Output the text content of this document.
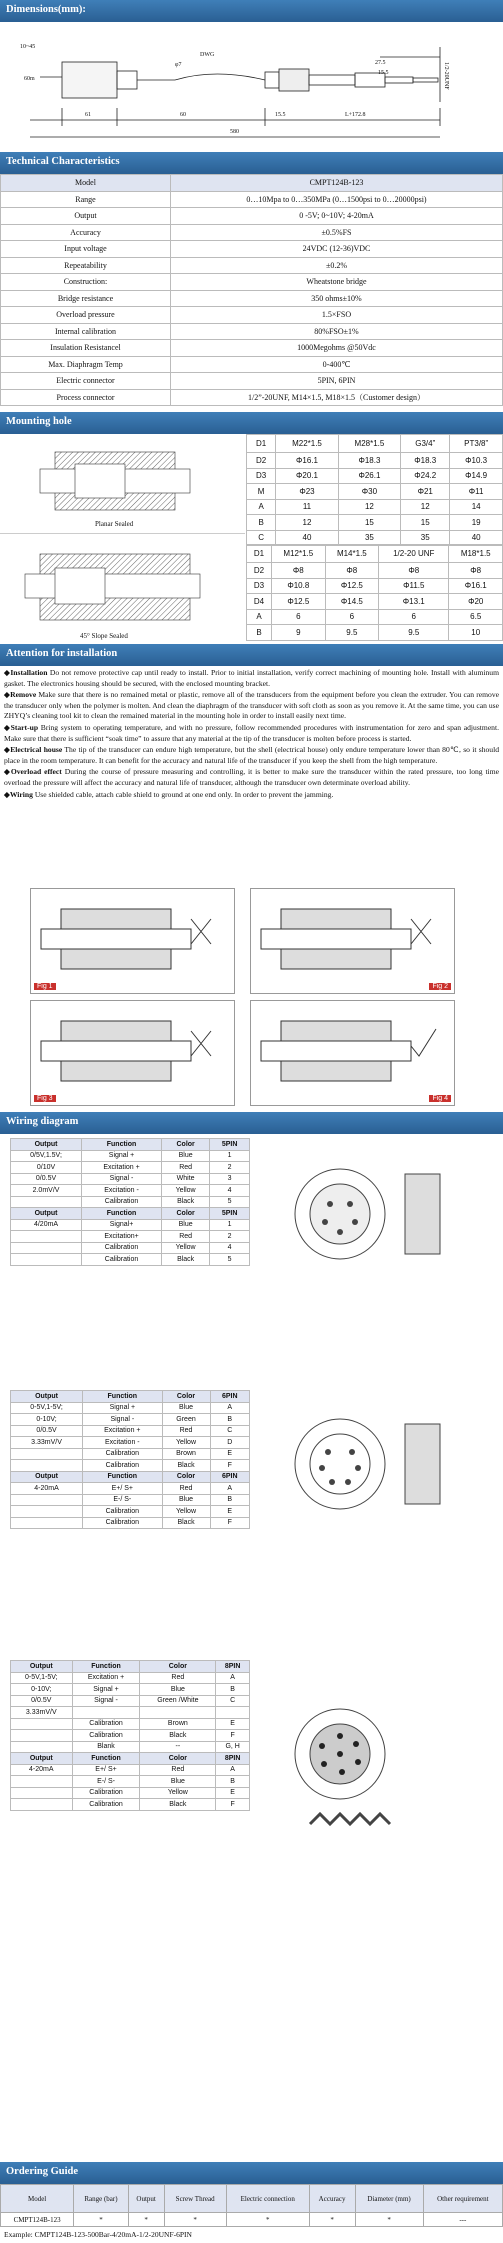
Dimensions(mm):
10~45
60m
DWG
φ7	27.5
15.5	1/2-20UNF
61	60	15.5	L+172.8
580
Technical Characteristics
Model	CMPT124B-123
Range	0…10Mpa to 0…350MPa (0…1500psi to 0…20000psi)
Output	0 -5V; 0~10V; 4-20mA
Accuracy	±0.5%FS
Input voltage	24VDC (12-36)VDC
Repeatability	±0.2%
Construction:	Wheatstone bridge
Bridge resistance	350 ohms±10%
Overload pressure	1.5×FSO
Internal calibration	80%FSO±1%
Insulation Resistancel	1000Megohms @50Vdc
Max. Diaphragm Temp	0-400℃
Electric connector	5PIN, 6PIN
Process connector	1/2”-20UNF, M14×1.5, M18×1.5（Customer design）
Mounting hole
Planar Sealed
D1	M22*1.5	M28*1.5	G3/4”	PT3/8”
D2	Φ16.1	Φ18.3	Φ18.3	Φ10.3
D3	Φ20.1	Φ26.1	Φ24.2	Φ14.9
M	Φ23	Φ30	Φ21	Φ11
A	11	12	12	14
B	12	15	15	19
C	40	35	35	40
45° Slope Sealed
D1	M12*1.5	M14*1.5	1/2-20 UNF	M18*1.5
D2	Φ8	Φ8	Φ8	Φ8
D3	Φ10.8	Φ12.5	Φ11.5	Φ16.1
D4	Φ12.5	Φ14.5	Φ13.1	Φ20
A	6	6	6	6.5
B	9	9.5	9.5	10
Attention for installation

◆Installation Do not remove protective cap until ready to install. Prior to initial installation, verify correct machining of mounting hole. Install with aluminum gasket. The electronics housing should be secured, with the enclosed mounting bracket.

◆Remove Make sure that there is no remained metal or plastic, remove all of the transducers from the equipment before you clean the extruder. You can remove the transducer only when the polymer is molten. And clean the diaphragm of the transducer with soft cloth as soon as you remove it. At the same time, you can use ZHYQ’s cleaning tool kit to clean the remained material in the mounting hole in order to install easily next time.

◆Start-up Bring system to operating temperature, and with no pressure, follow recommended procedures with instrumentation for zero and span adjustment. Make sure that there is sufficient “soak time” to assure that any material at the tip of the transducer is molten before process is started.

◆Electrical house The tip of the transducer can endure high temperature, but the shell (electrical house) only endure temperature lower than 80℃, so it should place in the room temperature. It can benefit for the accuracy and natural life of the transducer if you keep the shell from the high temperature.

◆Overload effect During the course of pressure measuring and controlling, it is better to make sure the transducer within the rated pressure, too long time overload the pressure will affect the accuracy and natural life of transducer, although the transducer own determinate overload ability.

◆Wiring Use shielded cable, attach cable shield to ground at one end only. In order to prevent the jamming.

Fig 1	Fig 2
Fig 3	Fig 4
Wiring diagram
Output	Function	Color	5PIN
0/5V,1.5V;	Signal +	Blue	1
0/10V	Excitation +	Red	2
0/0.5V	Signal -	White	3
2.0mV/V	Excitation -	Yellow	4
	Calibration	Black	5
Output	Function	Color	5PIN
4/20mA	Signal+	Blue	1
	Excitation+	Red	2
	Calibration	Yellow	4
	Calibration	Black	5
Output	Function	Color	6PIN
0-5V,1-5V;	Signal +	Blue	A
0-10V;	Signal -	Green	B
0/0.5V	Excitation +	Red	C
3.33mV/V	Excitation -	Yellow	D
	Calibration	Brown	E
	Calibration	Black	F
Output	Function	Color	6PIN
4-20mA	E+/ S+	Red	A
	E-/ S-	Blue	B
	Calibration	Yellow	E
	Calibration	Black	F
Output	Function	Color	8PIN
0-5V,1-5V;	Excitation +	Red	A
0-10V;	Signal +	Blue	B
0/0.5V	Signal -	Green /White	C
3.33mV/V			
	Calibration	Brown	E
	Calibration	Black	F
	Blank	--	G, H
Output	Function	Color	8PIN
4-20mA	E+/ S+	Red	A
	E-/ S-	Blue	B
	Calibration	Yellow	E
	Calibration	Black	F
Ordering Guide
Model	Range (bar)	Output	Screw Thread	Electric connection	Accuracy	Diameter (mm)	Other requirement
CMPT124B-123	*	*	*	*	*	*	---
Example: CMPT124B-123-500Bar-4/20mA-1/2-20UNF-6PIN
